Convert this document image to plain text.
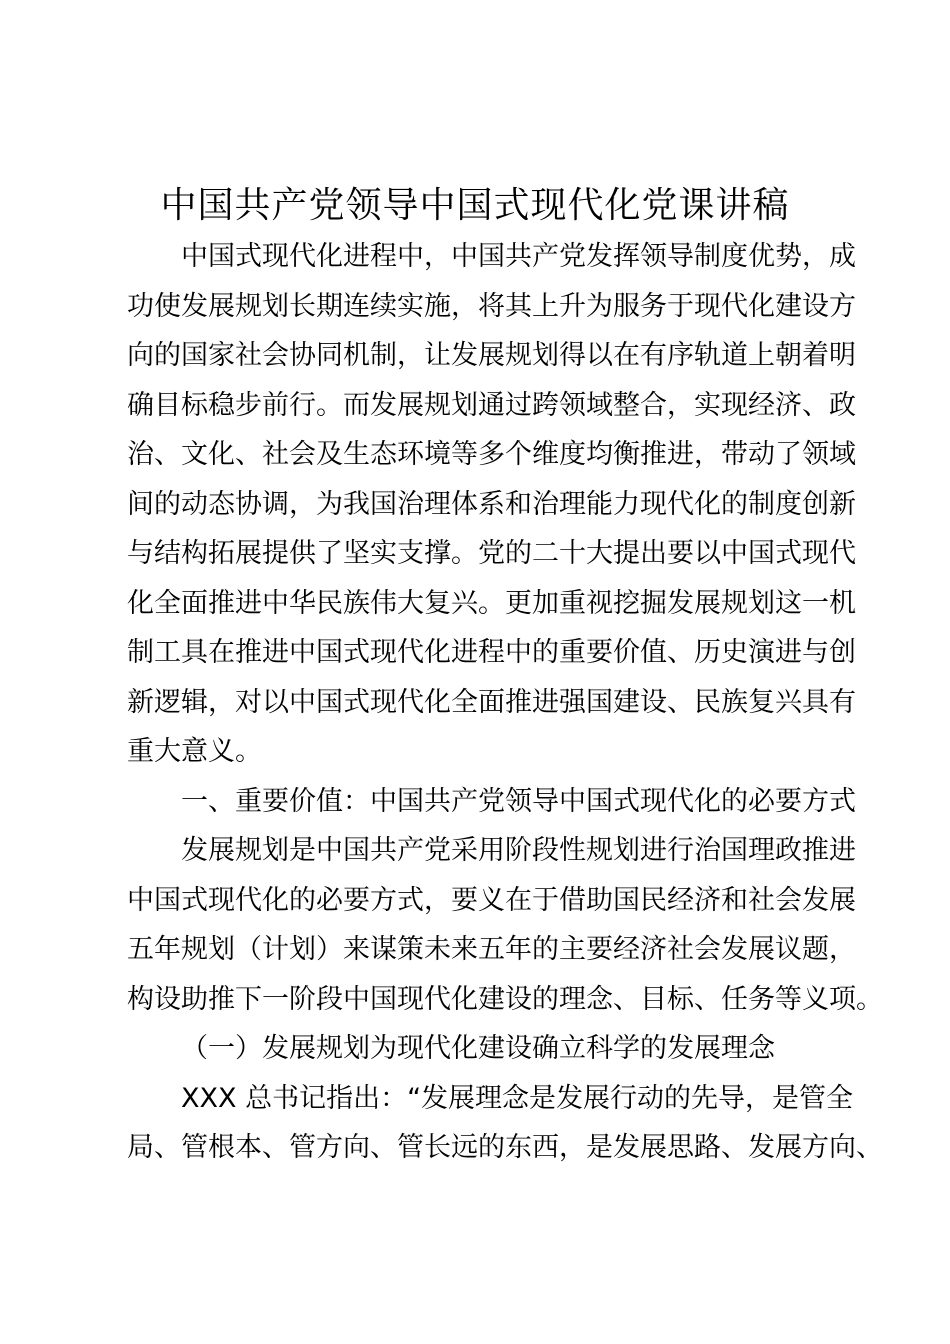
中国共产党领导中国式现代化党课讲稿
中国式现代化进程中，中国共产党发挥领导制度优势，成
功使发展规划长期连续实施，将其上升为服务于现代化建设方
向的国家社会协同机制，让发展规划得以在有序轨道上朝着明
确目标稳步前行。而发展规划通过跨领域整合，实现经济、政
治、文化、社会及生态环境等多个维度均衡推进，带动了领域
间的动态协调，为我国治理体系和治理能力现代化的制度创新
与结构拓展提供了坚实支撑。党的二十大提出要以中国式现代
化全面推进中华民族伟大复兴。更加重视挖掘发展规划这一机
制工具在推进中国式现代化进程中的重要价值、历史演进与创
新逻辑，对以中国式现代化全面推进强国建设、民族复兴具有
重大意义。
一、重要价值：中国共产党领导中国式现代化的必要方式
发展规划是中国共产党采用阶段性规划进行治国理政推进
中国式现代化的必要方式，要义在于借助国民经济和社会发展
五年规划（计划）来谋策未来五年的主要经济社会发展议题，
构设助推下一阶段中国现代化建设的理念、目标、任务等义项。
（一）发展规划为现代化建设确立科学的发展理念
XXX 总书记指出：“发展理念是发展行动的先导，是管全
局、管根本、管方向、管长远的东西，是发展思路、发展方向、
